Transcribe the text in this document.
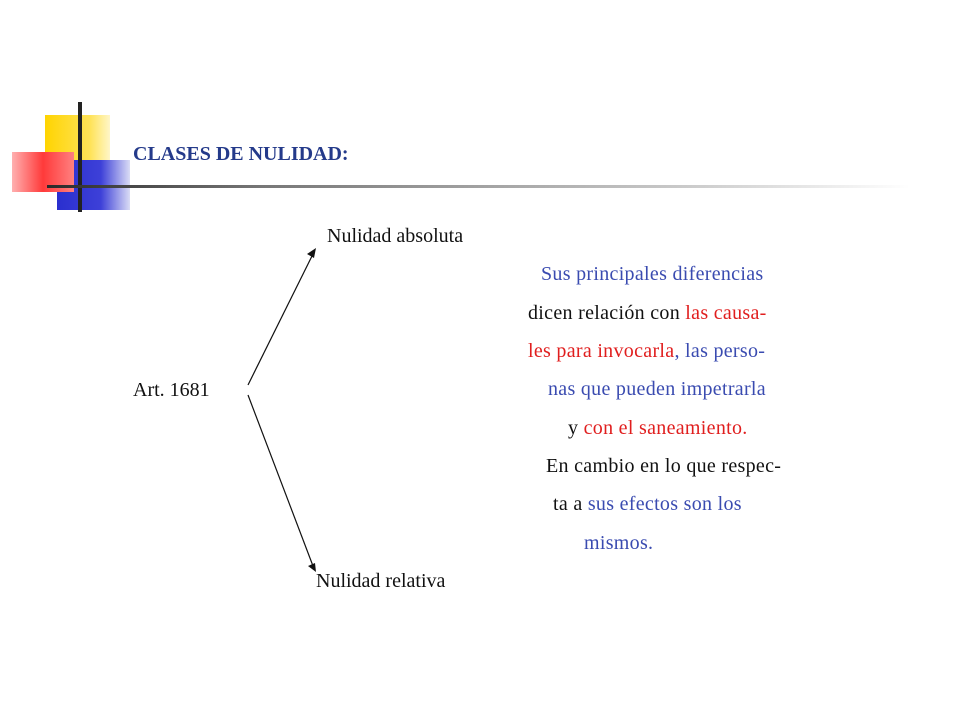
CLASES DE NULIDAD:
Nulidad absoluta
Art. 1681
Nulidad relativa
Sus principales diferencias
dicen relación con las causa-
les para invocarla, las perso-
nas que pueden impetrarla
y con el saneamiento.
En cambio en lo que respec-
ta a sus efectos son los
mismos.
